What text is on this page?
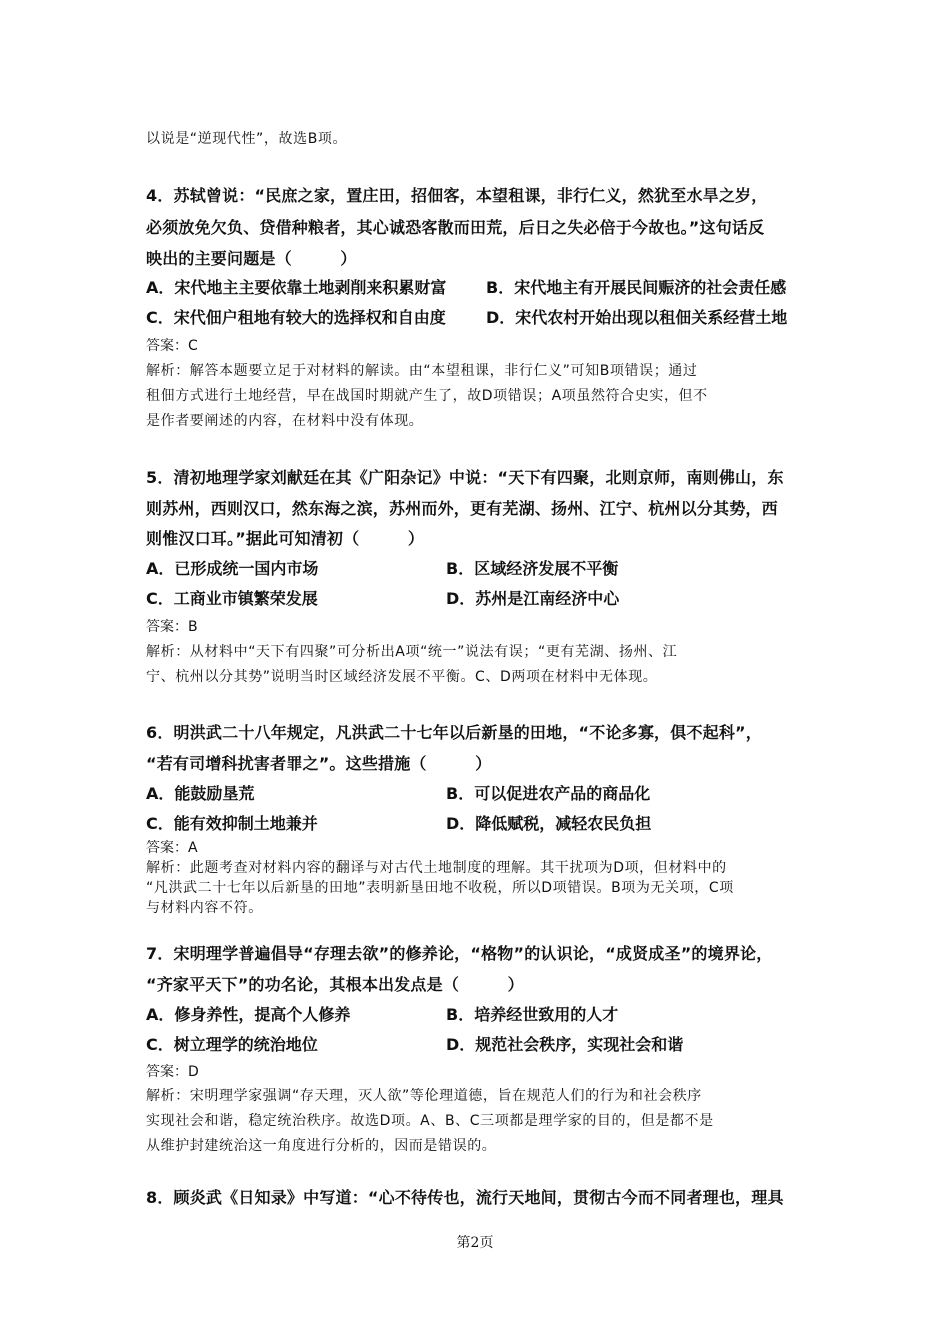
以说是“逆现代性”，故选B项。
4．苏轼曾说：“民庶之家，置庄田，招佃客，本望租课，非行仁义，然犹至水旱之岁，
必须放免欠负、贷借种粮者，其心诚恐客散而田荒，后日之失必倍于今故也。”这句话反
映出的主要问题是（　　　）
A．宋代地主主要依靠土地剥削来积累财富 B．宋代地主有开展民间赈济的社会责任感
C．宋代佃户租地有较大的选择权和自由度	D．宋代农村开始出现以租佃关系经营土地
答案：C
解析：解答本题要立足于对材料的解读。由“本望租课，非行仁义”可知B项错误；通过
租佃方式进行土地经营，早在战国时期就产生了，故D项错误；A项虽然符合史实，但不
是作者要阐述的内容，在材料中没有体现。
5．清初地理学家刘献廷在其《广阳杂记》中说：“天下有四聚，北则京师，南则佛山，东
则苏州，西则汉口，然东海之滨，苏州而外，更有芜湖、扬州、江宁、杭州以分其势，西
则惟汉口耳。”据此可知清初（　　　）
A．已形成统一国内市场	B．区域经济发展不平衡
C．工商业市镇繁荣发展	D．苏州是江南经济中心
答案：B
解析：从材料中“天下有四聚”可分析出A项“统一”说法有误；“更有芜湖、扬州、江
宁、杭州以分其势”说明当时区域经济发展不平衡。C、D两项在材料中无体现。
6．明洪武二十八年规定，凡洪武二十七年以后新垦的田地，“不论多寡，俱不起科”，
“若有司增科扰害者罪之”。这些措施（　　　）
A．能鼓励垦荒	B．可以促进农产品的商品化
C．能有效抑制土地兼并	D．降低赋税，减轻农民负担
答案：A
解析：此题考查对材料内容的翻译与对古代土地制度的理解。其干扰项为D项，但材料中的
“凡洪武二十七年以后新垦的田地”表明新垦田地不收税，所以D项错误。B项为无关项，C项
与材料内容不符。
7．宋明理学普遍倡导“存理去欲”的修养论，“格物”的认识论，“成贤成圣”的境界论，
“齐家平天下”的功名论，其根本出发点是（　　　）
A．修身养性，提高个人修养	B．培养经世致用的人才
C．树立理学的统治地位	D．规范社会秩序，实现社会和谐
答案：D
解析：宋明理学家强调“存天理，灭人欲”等伦理道德，旨在规范人们的行为和社会秩序
实现社会和谐，稳定统治秩序。故选D项。A、B、C三项都是理学家的目的，但是都不是
从维护封建统治这一角度进行分析的，因而是错误的。
8．顾炎武《日知录》中写道：“心不待传也，流行天地间，贯彻古今而不同者理也，理具
第2页
